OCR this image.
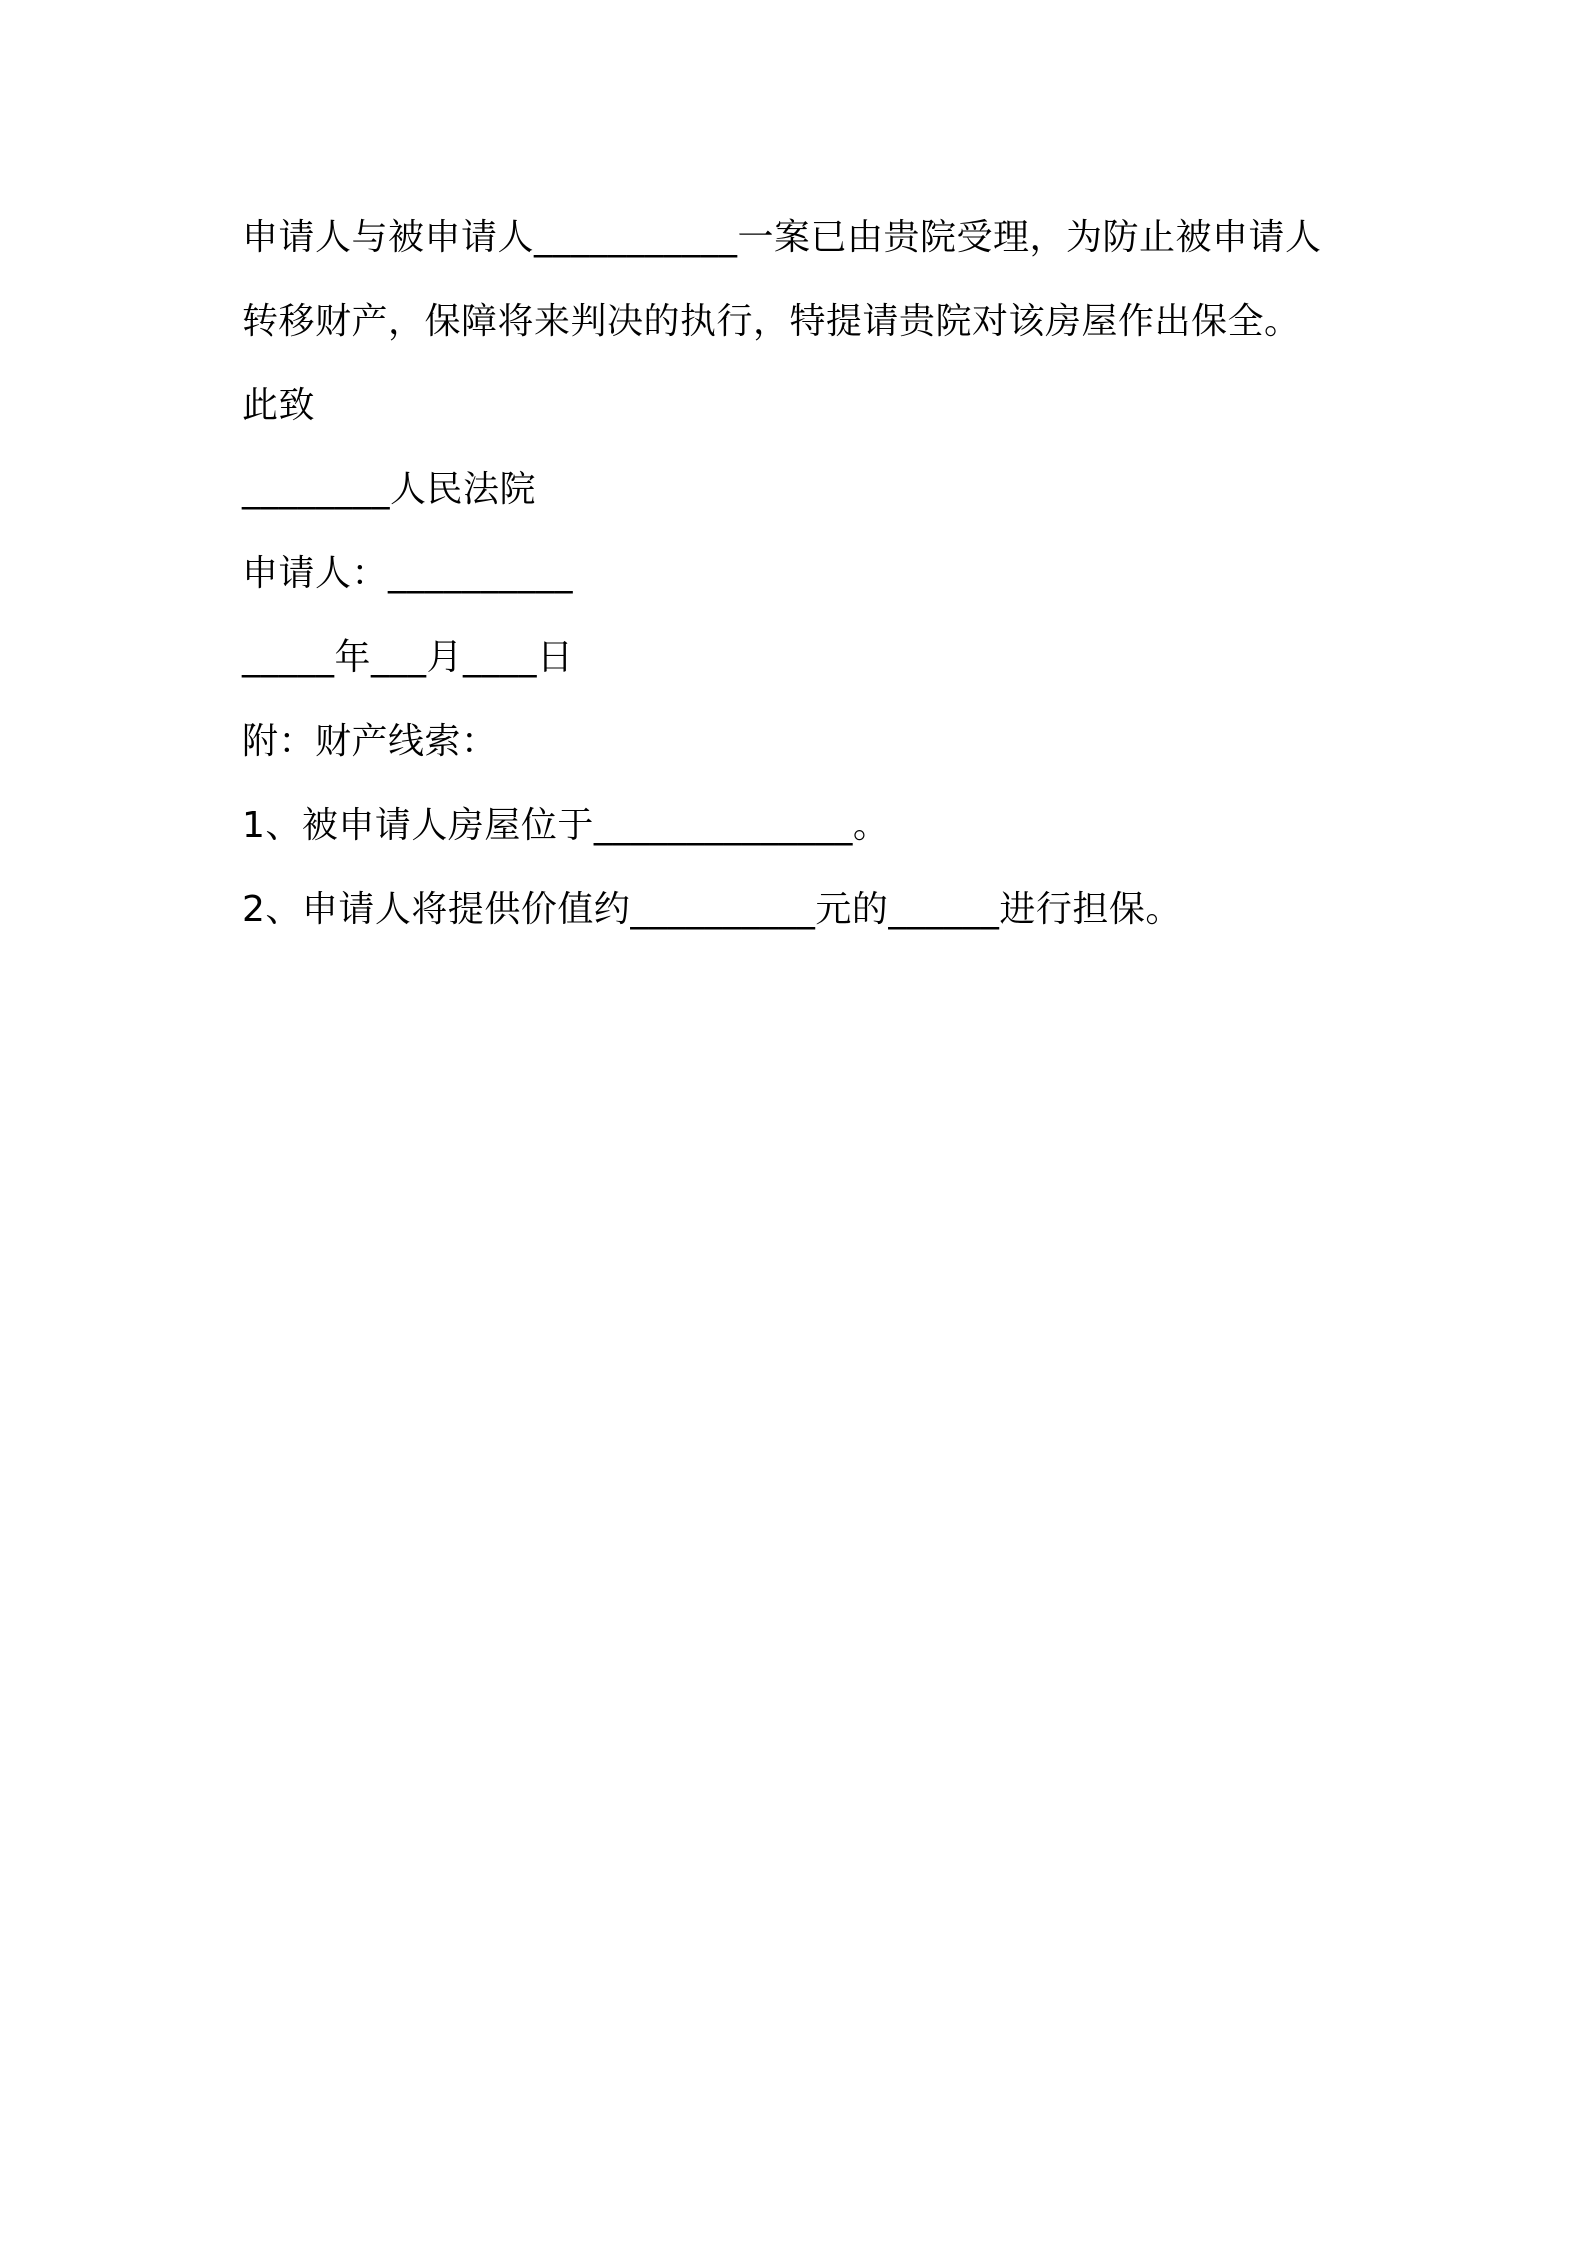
申请人与被申请人___________一案已由贵院受理，为防止被申请人
转移财产，保障将来判决的执行，特提请贵院对该房屋作出保全。
此致
________人民法院
申请人：__________
_____年___月____日
附：财产线索：
1、被申请人房屋位于______________。
2、申请人将提供价值约__________元的______进行担保。
